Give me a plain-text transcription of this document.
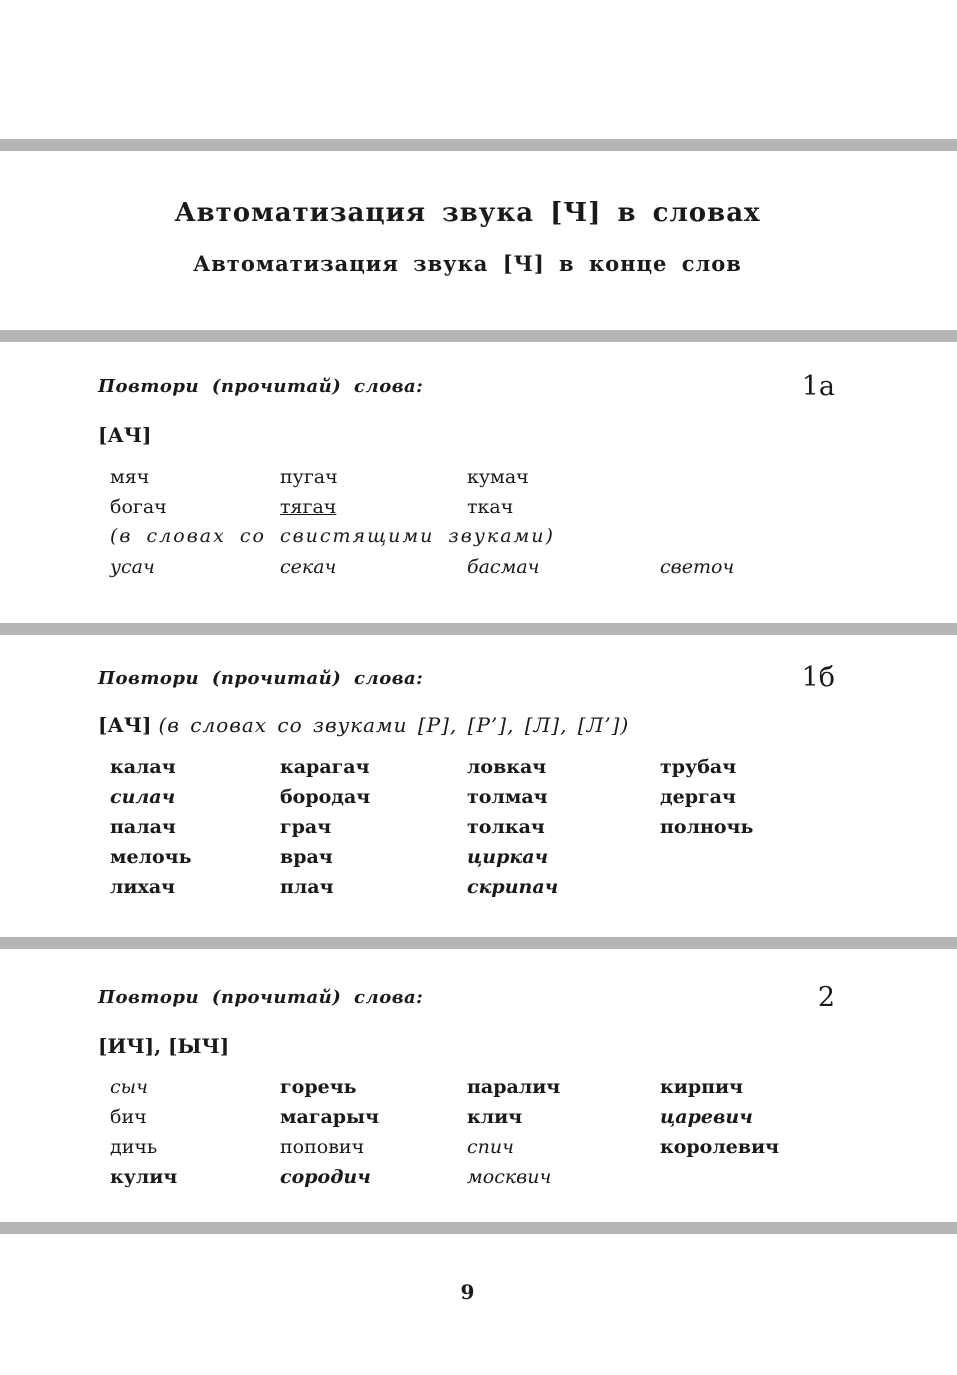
Автоматизация звука [Ч] в словах
Автоматизация звука [Ч] в конце слов
Повтори (прочитай) слова:	1а
[АЧ]
мяч	пугач	кумач
богач	тягач	ткач
(в словах со свистящими звуками)
усач	секач	басмач	светоч
Повтори (прочитай) слова:	1б
[АЧ] (в словах со звуками [Р], [Р’], [Л], [Л’])
калач	карагач	ловкач	трубач
силач	бородач	толмач	дергач
палач	грач	толкач	полночь
мелочь	врач	циркач
лихач	плач	скрипач
Повтори (прочитай) слова:	2
[ИЧ], [ЫЧ]
сыч	горечь	паралич	кирпич
бич	магарыч	клич	царевич
дичь	попович	спич	королевич
кулич	сородич	москвич
9
